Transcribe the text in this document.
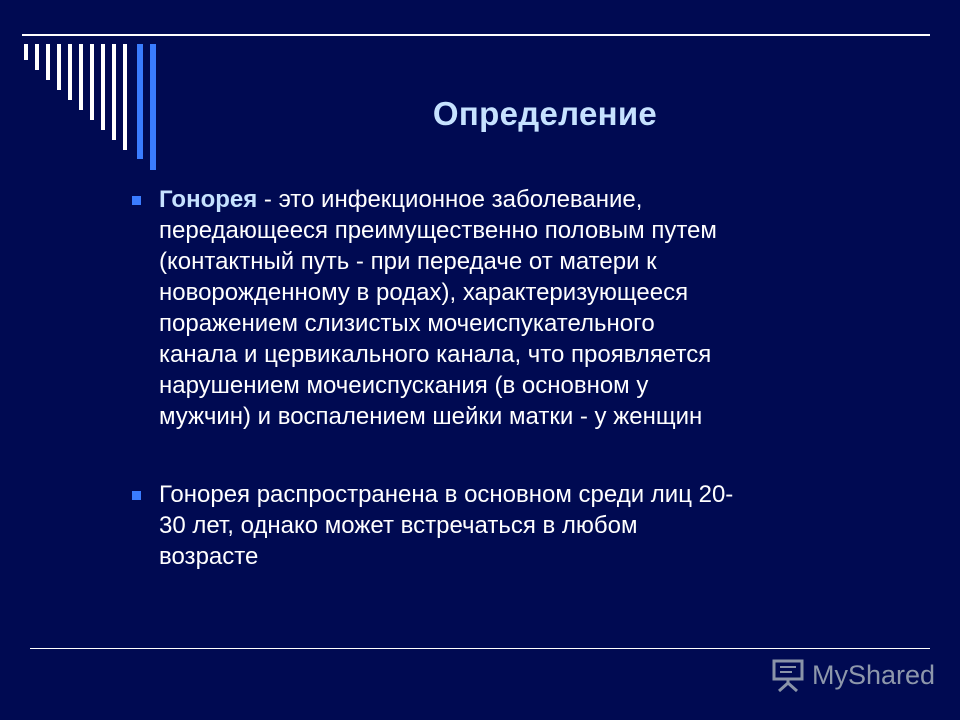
Определение
Гонорея - это инфекционное заболевание,
передающееся преимущественно половым путем
(контактный путь - при передаче от матери к
новорожденному в родах), характеризующееся
поражением слизистых мочеиспукательного
канала и цервикального канала, что проявляется
нарушением мочеиспускания (в основном у
мужчин) и воспалением шейки матки - у женщин
Гонорея распространена в основном среди лиц 20-
30 лет, однако может встречаться в любом
возрасте
MyShared
